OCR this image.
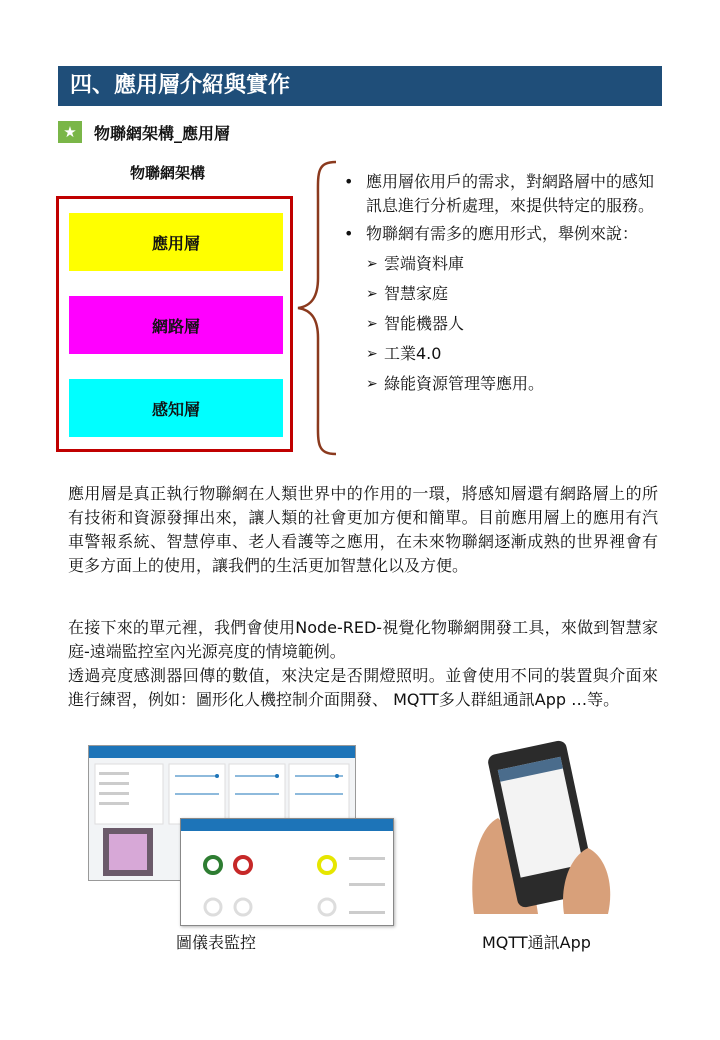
四、應用層介紹與實作
★	物聯網架構_應用層
物聯網架構
應用層
網路層
感知層
• 應用層依用戶的需求，對網路層中的感知訊息進行分析處理，來提供特定的服務。
• 物聯網有需多的應用形式，舉例來說：
➢ 雲端資料庫
➢ 智慧家庭
➢ 智能機器人
➢ 工業4.0
➢ 綠能資源管理等應用。
應用層是真正執行物聯網在人類世界中的作用的一環，將感知層還有網路層上的所有技術和資源發揮出來，讓人類的社會更加方便和簡單。目前應用層上的應用有汽車警報系統、智慧停車、老人看護等之應用，在未來物聯網逐漸成熟的世界裡會有更多方面上的使用，讓我們的生活更加智慧化以及方便。
在接下來的單元裡，我們會使用Node-RED-視覺化物聯網開發工具，來做到智慧家庭-遠端監控室內光源亮度的情境範例。
透過亮度感測器回傳的數值，來決定是否開燈照明。並會使用不同的裝置與介面來進行練習，例如：圖形化人機控制介面開發、 MQTT多人群組通訊App …等。
圖儀表監控	MQTT通訊App
